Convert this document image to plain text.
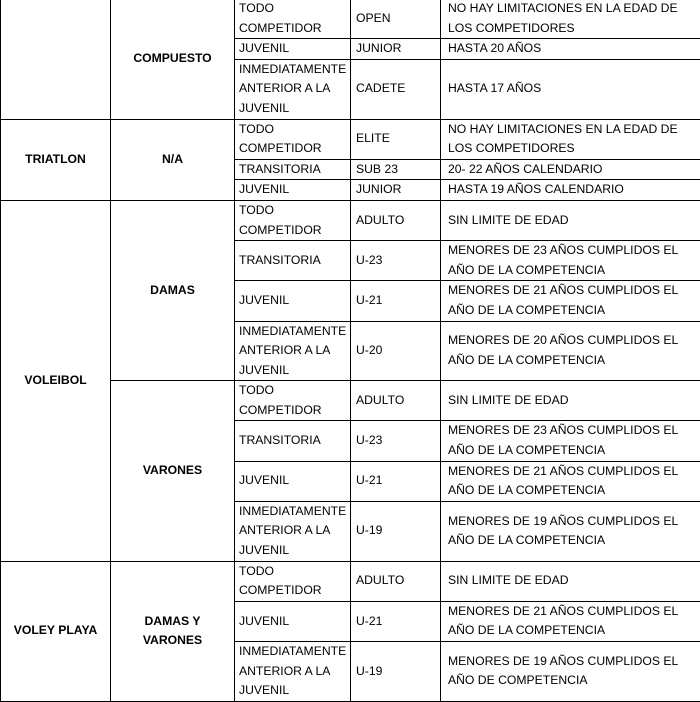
	COMPUESTO	TODO COMPETIDOR	OPEN	NO HAY LIMITACIONES EN LA EDAD DE LOS COMPETIDORES
		JUVENIL	JUNIOR	HASTA 20 AÑOS
		INMEDIATAMENTE ANTERIOR A LA JUVENIL	CADETE	HASTA 17 AÑOS
TRIATLON	N/A	TODO COMPETIDOR	ELITE	NO HAY LIMITACIONES EN LA EDAD DE LOS COMPETIDORES
		TRANSITORIA	SUB 23	20- 22 AÑOS CALENDARIO
		JUVENIL	JUNIOR	HASTA 19 AÑOS CALENDARIO
VOLEIBOL	DAMAS	TODO COMPETIDOR	ADULTO	SIN LIMITE DE EDAD
		TRANSITORIA	U-23	MENORES DE 23 AÑOS CUMPLIDOS EL AÑO DE LA COMPETENCIA
		JUVENIL	U-21	MENORES DE 21 AÑOS CUMPLIDOS EL AÑO DE LA COMPETENCIA
		INMEDIATAMENTE ANTERIOR A LA JUVENIL	U-20	MENORES DE 20 AÑOS CUMPLIDOS EL AÑO DE LA COMPETENCIA
	VARONES	TODO COMPETIDOR	ADULTO	SIN LIMITE DE EDAD
		TRANSITORIA	U-23	MENORES DE 23 AÑOS CUMPLIDOS EL AÑO DE LA COMPETENCIA
		JUVENIL	U-21	MENORES DE 21 AÑOS CUMPLIDOS EL AÑO DE LA COMPETENCIA
		INMEDIATAMENTE ANTERIOR A LA JUVENIL	U-19	MENORES DE 19 AÑOS CUMPLIDOS EL AÑO DE LA COMPETENCIA
VOLEY PLAYA	DAMAS Y VARONES	TODO COMPETIDOR	ADULTO	SIN LIMITE DE EDAD
		JUVENIL	U-21	MENORES DE 21 AÑOS CUMPLIDOS EL AÑO DE LA COMPETENCIA
		INMEDIATAMENTE ANTERIOR A LA JUVENIL	U-19	MENORES DE 19 AÑOS CUMPLIDOS EL AÑO DE COMPETENCIA
